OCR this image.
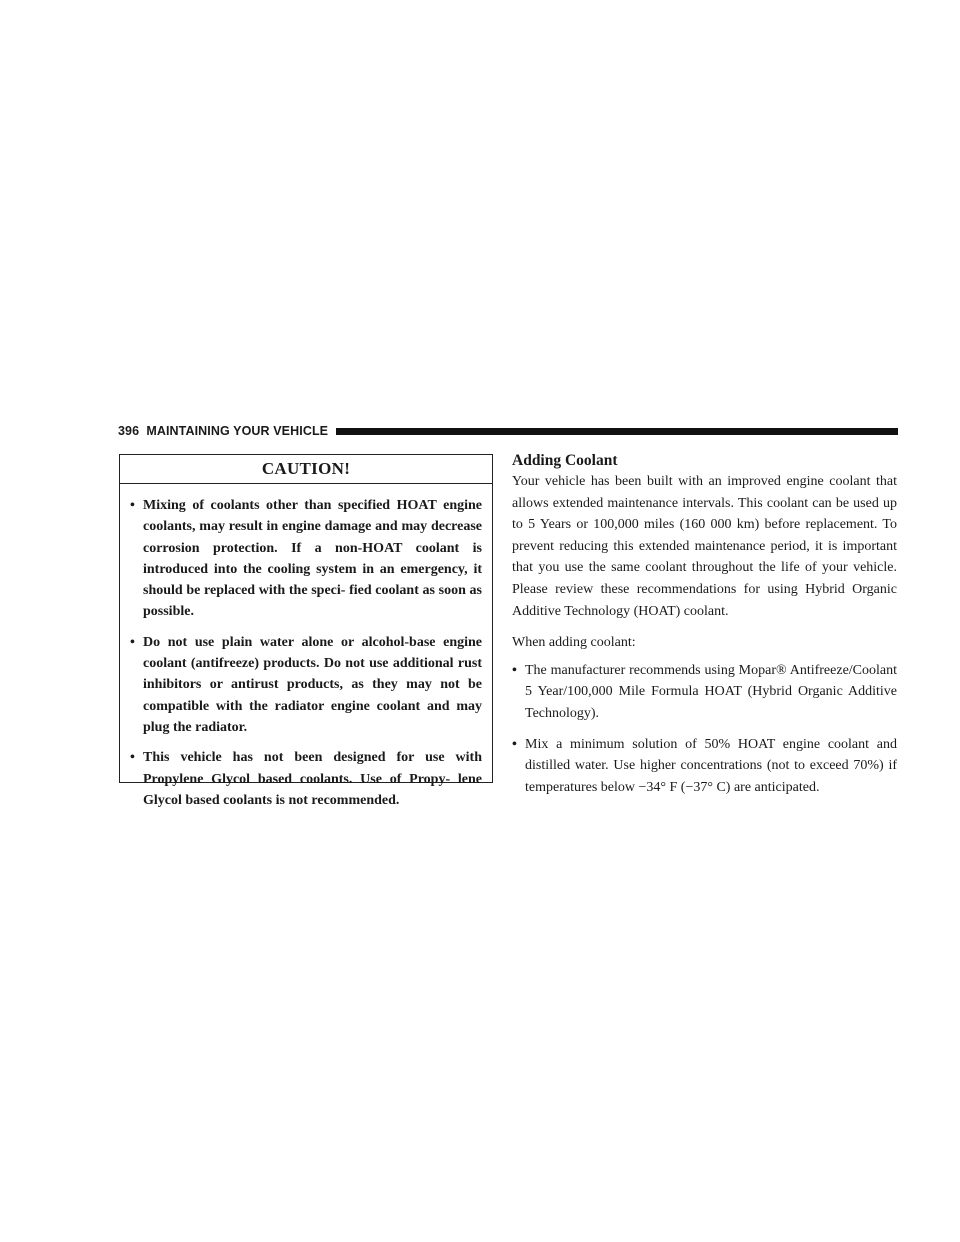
396 MAINTAINING YOUR VEHICLE
CAUTION!
• Mixing of coolants other than specified HOAT engine coolants, may result in engine damage and may decrease corrosion protection. If a non-HOAT coolant is introduced into the cooling system in an emergency, it should be replaced with the speci- fied coolant as soon as possible.
• Do not use plain water alone or alcohol-base engine coolant (antifreeze) products. Do not use additional rust inhibitors or antirust products, as they may not be compatible with the radiator engine coolant and may plug the radiator.
• This vehicle has not been designed for use with Propylene Glycol based coolants. Use of Propy- lene Glycol based coolants is not recommended.
Adding Coolant

Your vehicle has been built with an improved engine coolant that allows extended maintenance intervals. This coolant can be used up to 5 Years or 100,000 miles (160 000 km) before replacement. To prevent reducing this extended maintenance period, it is important that you use the same coolant throughout the life of your vehicle. Please review these recommendations for using Hybrid Organic Additive Technology (HOAT) coolant.

When adding coolant:

• The manufacturer recommends using Mopar® Antifreeze/Coolant 5 Year/100,000 Mile Formula HOAT (Hybrid Organic Additive Technology).
• Mix a minimum solution of 50% HOAT engine coolant and distilled water. Use higher concentrations (not to exceed 70%) if temperatures below −34° F (−37° C) are anticipated.
